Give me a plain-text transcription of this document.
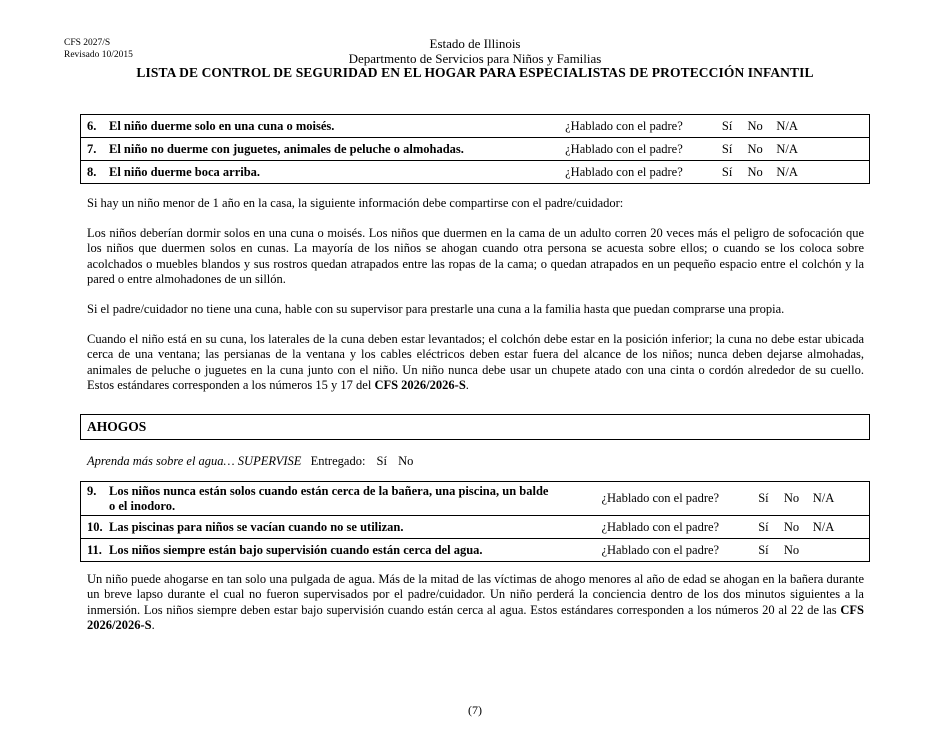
CFS 2027/S
Revisado 10/2015
Estado de Illinois
Departmento de Servicios para Niños y Familias
LISTA DE CONTROL DE SEGURIDAD EN EL HOGAR PARA ESPECIALISTAS DE PROTECCIÓN INFANTIL
6. El niño duerme solo en una cuna o moisés.	¿Hablado con el padre? Sí No N/A
7. El niño no duerme con juguetes, animales de peluche o almohadas.	¿Hablado con el padre? Sí No N/A
8. El niño duerme boca arriba.	¿Hablado con el padre? Sí No N/A
Si hay un niño menor de 1 año en la casa, la siguiente información debe compartirse con el padre/cuidador:
Los niños deberían dormir solos en una cuna o moisés. Los niños que duermen en la cama de un adulto corren 20 veces más el peligro de sofocación que los niños que duermen solos en cunas. La mayoría de los niños se ahogan cuando otra persona se acuesta sobre ellos; o cuando se los coloca sobre acolchados o muebles blandos y sus rostros quedan atrapados entre las ropas de la cama; o quedan atrapados en un pequeño espacio entre el colchón y la pared o entre almohadones de un sillón.
Si el padre/cuidador no tiene una cuna, hable con su supervisor para prestarle una cuna a la familia hasta que puedan comprarse una propia.
Cuando el niño está en su cuna, los laterales de la cuna deben estar levantados; el colchón debe estar en la posición inferior; la cuna no debe estar ubicada cerca de una ventana; las persianas de la ventana y los cables eléctricos deben estar fuera del alcance de los niños; nunca deben dejarse almohadas, animales de peluche o juguetes en la cuna junto con el niño. Un niño nunca debe usar un chupete atado con una cinta o cordón alrededor de su cuello. Estos estándares corresponden a los números 15 y 17 del CFS 2026/2026-S.
AHOGOS
Aprenda más sobre el agua… SUPERVISE Entregado: Sí No
9. Los niños nunca están solos cuando están cerca de la bañera, una piscina, un balde o el inodoro.	¿Hablado con el padre? Sí No N/A
10. Las piscinas para niños se vacían cuando no se utilizan.	¿Hablado con el padre? Sí No N/A
11. Los niños siempre están bajo supervisión cuando están cerca del agua.	¿Hablado con el padre? Sí No
Un niño puede ahogarse en tan solo una pulgada de agua. Más de la mitad de las víctimas de ahogo menores al año de edad se ahogan en la bañera durante un breve lapso durante el cual no fueron supervisados por el padre/cuidador. Un niño perderá la conciencia dentro de los dos minutos siguientes a la inmersión. Los niños siempre deben estar bajo supervisión cuando están cerca al agua. Estos estándares corresponden a los números 20 al 22 de las CFS 2026/2026-S.
(7)
